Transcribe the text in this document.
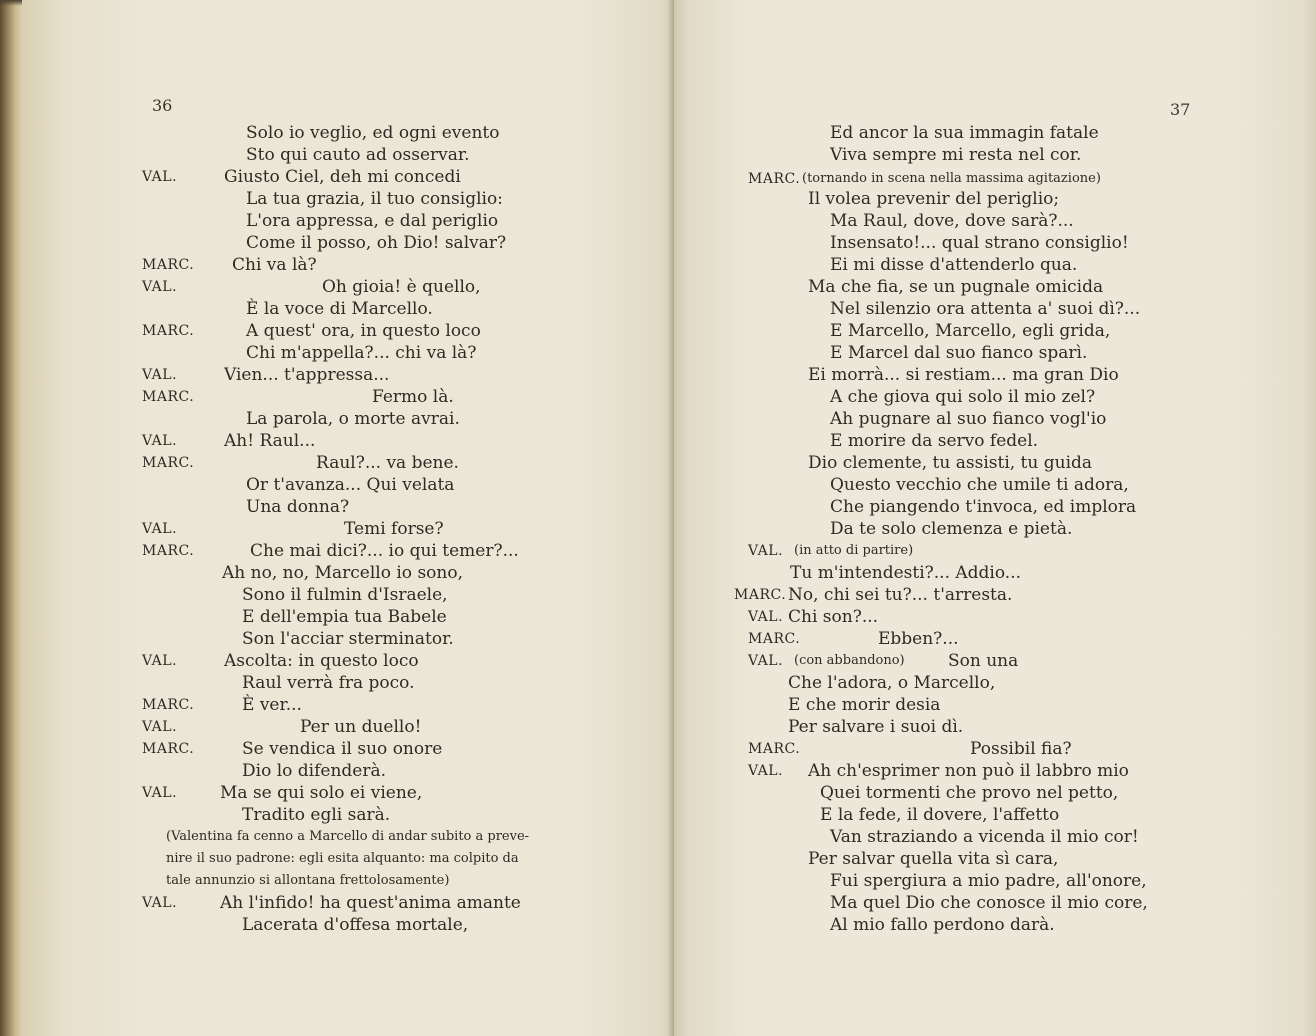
36
Solo io veglio, ed ogni evento
Sto qui cauto ad osservar.
VAL.	Giusto Ciel, deh mi concedi
La tua grazia, il tuo consiglio:
L'ora appressa, e dal periglio
Come il posso, oh Dio! salvar?
MARC. Chi va là?
VAL.	Oh gioia! è quello,
È la voce di Marcello.
MARC.	A quest' ora, in questo loco
Chi m'appella?... chi va là?
VAL.	Vien... t'appressa...
MARC.	Fermo là.
La parola, o morte avrai.
VAL.	Ah! Raul...
MARC.	Raul?... va bene.
Or t'avanza... Qui velata
Una donna?
VAL.	Temi forse?
MARC.	Che mai dici?... io qui temer?...
Ah no, no, Marcello io sono,
Sono il fulmin d'Israele,
E dell'empia tua Babele
Son l'acciar sterminator.
VAL.	Ascolta: in questo loco
Raul verrà fra poco.
MARC.	È ver...
VAL.	Per un duello!
MARC.	Se vendica il suo onore
Dio lo difenderà.
VAL.	Ma se qui solo ei viene,
Tradito egli sarà.
(Valentina fa cenno a Marcello di andar subito a preve-
nire il suo padrone: egli esita alquanto: ma colpito da
tale annunzio si allontana frettolosamente)
VAL.	Ah l'infido! ha quest'anima amante
Lacerata d'offesa mortale,
37
Ed ancor la sua immagin fatale
Viva sempre mi resta nel cor.
MARC. (tornando in scena nella massima agitazione)
Il volea prevenir del periglio;
Ma Raul, dove, dove sarà?...
Insensato!... qual strano consiglio!
Ei mi disse d'attenderlo qua.
Ma che fia, se un pugnale omicida
Nel silenzio ora attenta a' suoi dì?...
E Marcello, Marcello, egli grida,
E Marcel dal suo fianco sparì.
Ei morrà... si restiam... ma gran Dio
A che giova qui solo il mio zel?
Ah pugnare al suo fianco vogl'io
E morire da servo fedel.
Dio clemente, tu assisti, tu guida
Questo vecchio che umile ti adora,
Che piangendo t'invoca, ed implora
Da te solo clemenza e pietà.
VAL. (in atto di partire)
Tu m'intendesti?... Addio...
MARC. No, chi sei tu?... t'arresta.
VAL. Chi son?...
MARC.	Ebben?...
VAL. (con abbandono)	Son una
Che l'adora, o Marcello,
E che morir desia
Per salvare i suoi dì.
MARC.	Possibil fia?
VAL. Ah ch'esprimer non può il labbro mio
Quei tormenti che provo nel petto,
E la fede, il dovere, l'affetto
Van straziando a vicenda il mio cor!
Per salvar quella vita sì cara,
Fui spergiura a mio padre, all'onore,
Ma quel Dio che conosce il mio core,
Al mio fallo perdono darà.
